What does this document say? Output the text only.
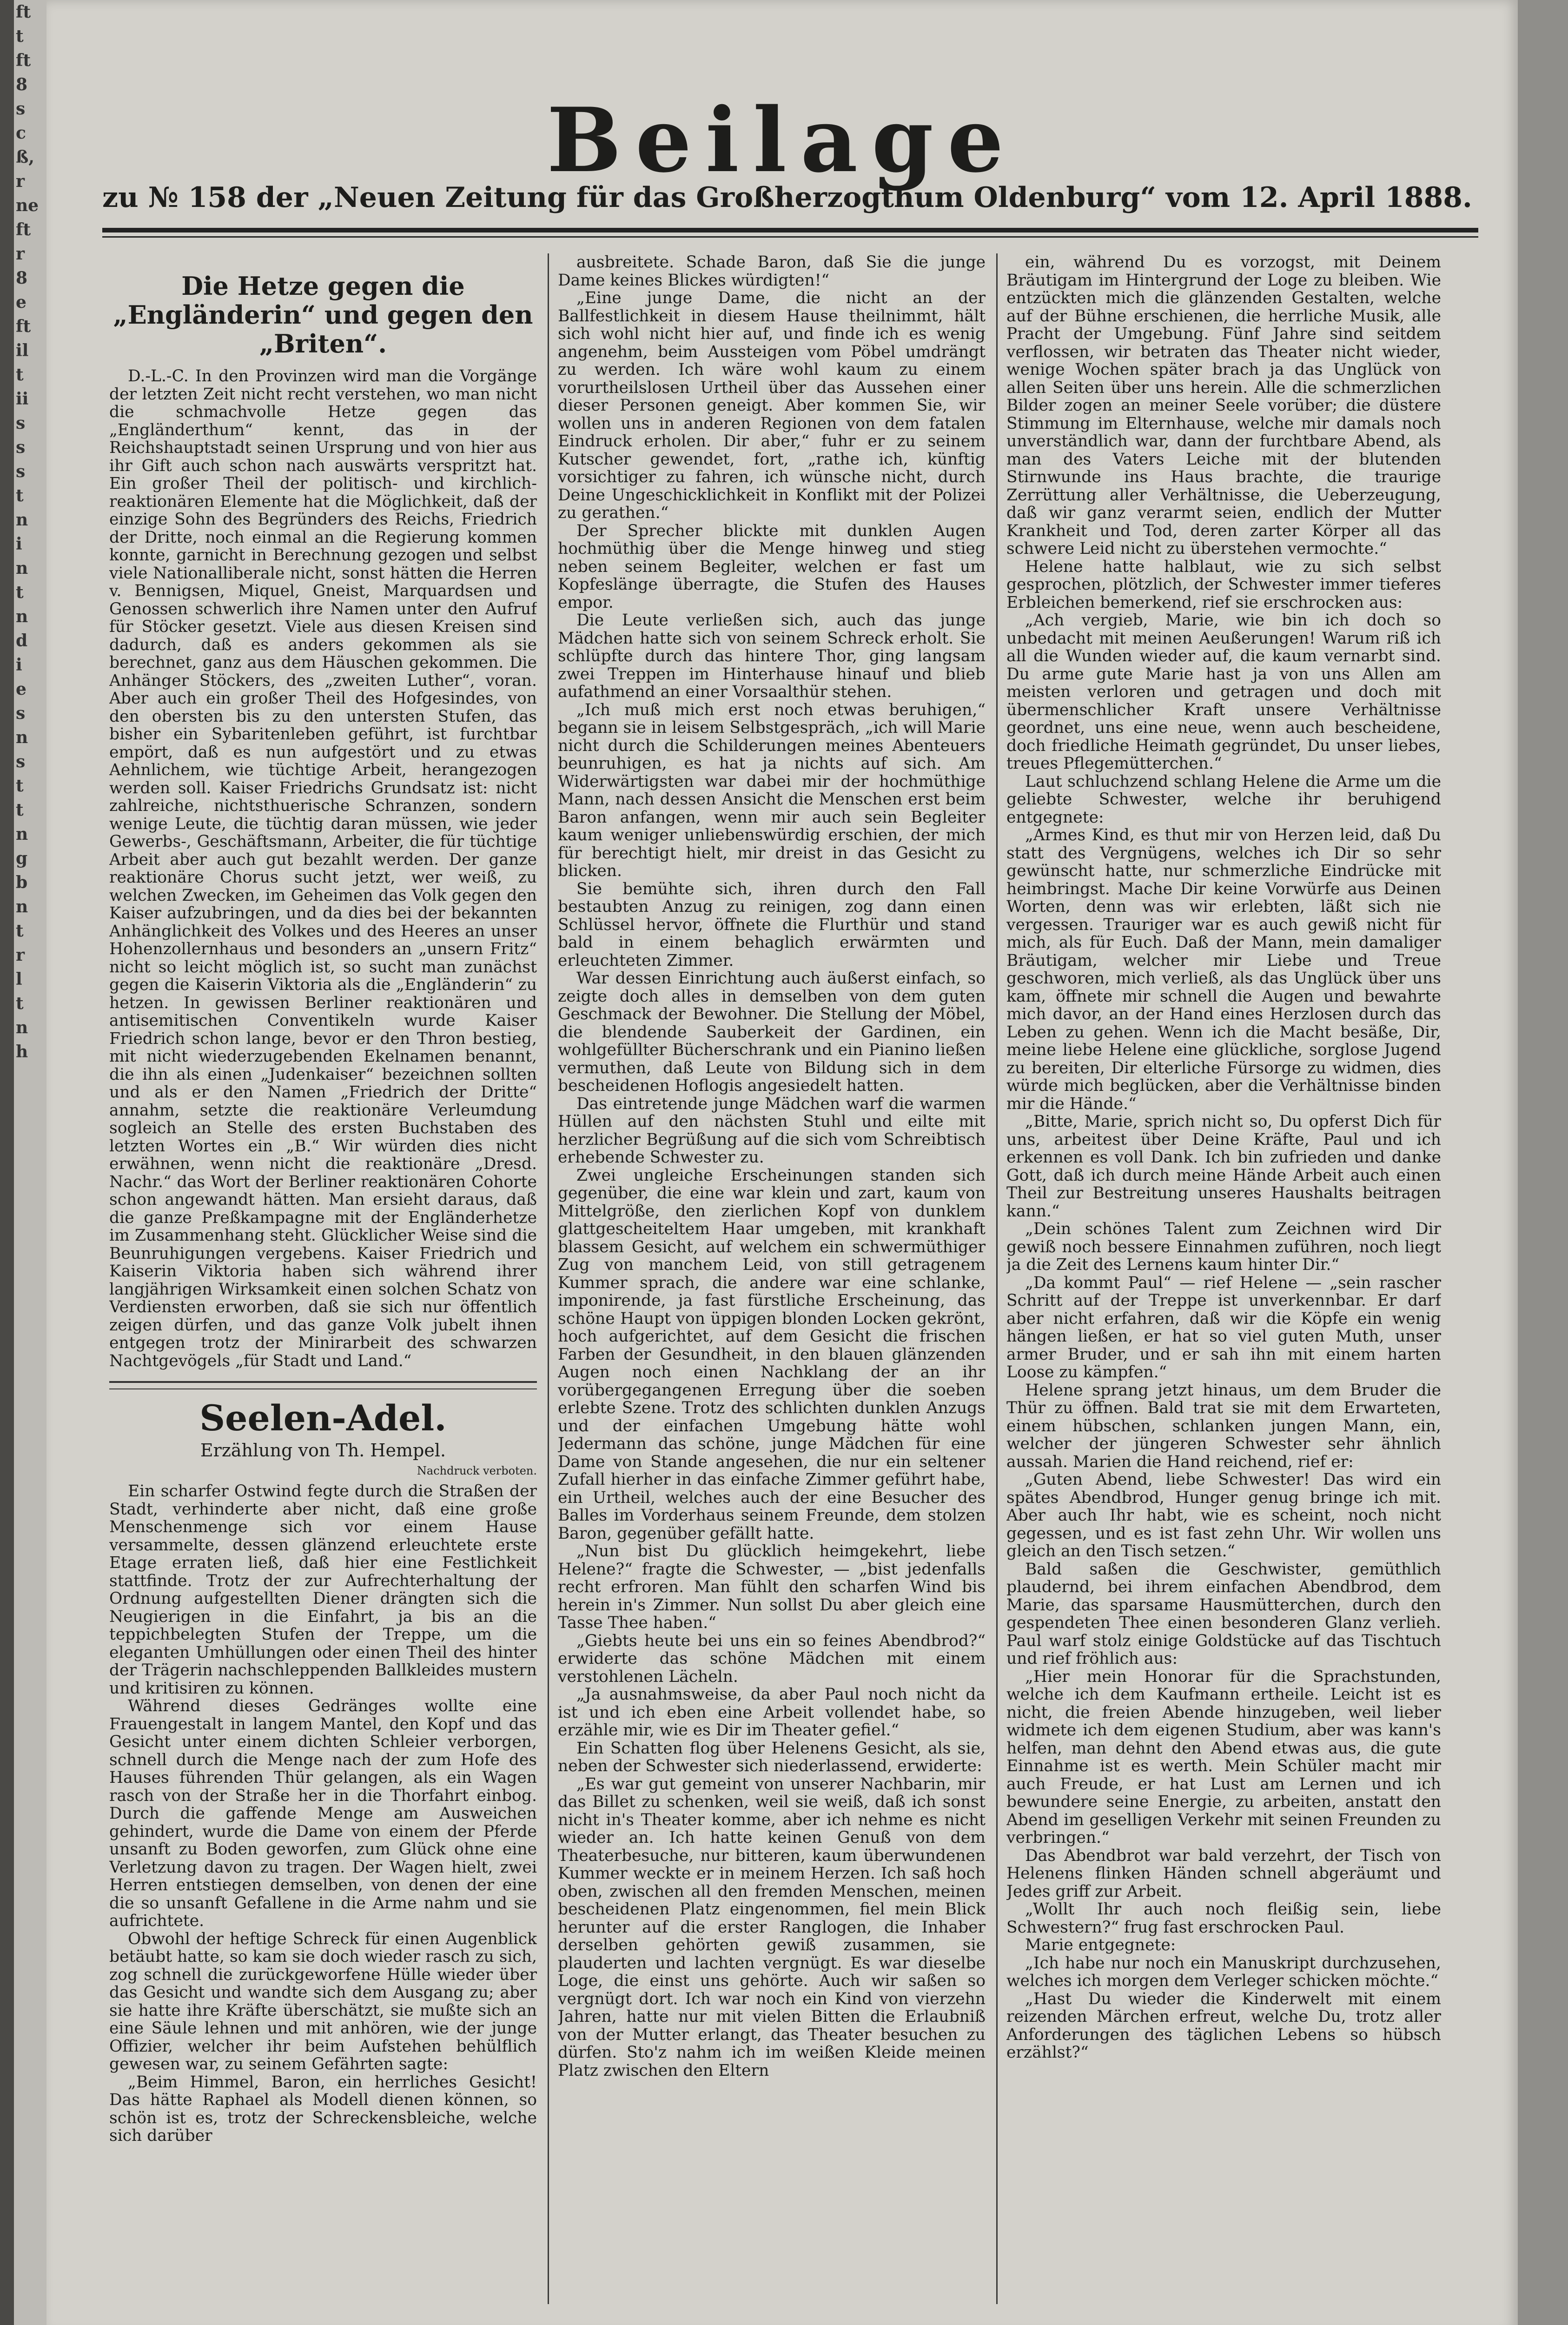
ft
t
ft
8
s
c
ß,
r
ne
ft
r
8
e
ft
il
t
ii
s
s
s
t
n
i
n
t
n
d
i
e
s
n
s
t
t
n
g
b
n
t
r
l
t
n
h
Beilage
zu № 158 der „Neuen Zeitung für das Großherzogthum Oldenburg“ vom 12. April 1888.
Die Hetze gegen die „Engländerin“ und gegen den „Briten“.

D.-L.-C. In den Provinzen wird man die Vorgänge der letzten Zeit nicht recht verstehen, wo man nicht die schmachvolle Hetze gegen das „Engländerthum“ kennt, das in der Reichshauptstadt seinen Ursprung und von hier aus ihr Gift auch schon nach auswärts verspritzt hat. Ein großer Theil der politisch- und kirchlich-reaktionären Elemente hat die Möglichkeit, daß der einzige Sohn des Begründers des Reichs, Friedrich der Dritte, noch einmal an die Regierung kommen konnte, garnicht in Berechnung gezogen und selbst viele Nationalliberale nicht, sonst hätten die Herren v. Bennigsen, Miquel, Gneist, Marquardsen und Genossen schwerlich ihre Namen unter den Aufruf für Stöcker gesetzt. Viele aus diesen Kreisen sind dadurch, daß es anders gekommen als sie berechnet, ganz aus dem Häuschen gekommen. Die Anhänger Stöckers, des „zweiten Luther“, voran. Aber auch ein großer Theil des Hofgesindes, von den obersten bis zu den untersten Stufen, das bisher ein Sybaritenleben geführt, ist furchtbar empört, daß es nun aufgestört und zu etwas Aehnlichem, wie tüchtige Arbeit, herangezogen werden soll. Kaiser Friedrichs Grundsatz ist: nicht zahlreiche, nichtsthuerische Schranzen, sondern wenige Leute, die tüchtig daran müssen, wie jeder Gewerbs-, Geschäftsmann, Arbeiter, die für tüchtige Arbeit aber auch gut bezahlt werden. Der ganze reaktionäre Chorus sucht jetzt, wer weiß, zu welchen Zwecken, im Geheimen das Volk gegen den Kaiser aufzubringen, und da dies bei der bekannten Anhänglichkeit des Volkes und des Heeres an unser Hohenzollernhaus und besonders an „unsern Fritz“ nicht so leicht möglich ist, so sucht man zunächst gegen die Kaiserin Viktoria als die „Engländerin“ zu hetzen. In gewissen Berliner reaktionären und antisemitischen Conventikeln wurde Kaiser Friedrich schon lange, bevor er den Thron bestieg, mit nicht wiederzugebenden Ekelnamen benannt, die ihn als einen „Judenkaiser“ bezeichnen sollten und als er den Namen „Friedrich der Dritte“ annahm, setzte die reaktionäre Verleumdung sogleich an Stelle des ersten Buchstaben des letzten Wortes ein „B.“ Wir würden dies nicht erwähnen, wenn nicht die reaktionäre „Dresd. Nachr.“ das Wort der Berliner reaktionären Cohorte schon angewandt hätten. Man ersieht daraus, daß die ganze Preßkampagne mit der Engländerhetze im Zusammenhang steht. Glücklicher Weise sind die Beunruhigungen vergebens. Kaiser Friedrich und Kaiserin Viktoria haben sich während ihrer langjährigen Wirksamkeit einen solchen Schatz von Verdiensten erworben, daß sie sich nur öffentlich zeigen dürfen, und das ganze Volk jubelt ihnen entgegen trotz der Minirarbeit des schwarzen Nachtgevögels „für Stadt und Land.“

Seelen-Adel.
Erzählung von Th. Hempel.
Nachdruck verboten.

Ein scharfer Ostwind fegte durch die Straßen der Stadt, verhinderte aber nicht, daß eine große Menschenmenge sich vor einem Hause versammelte, dessen glänzend erleuchtete erste Etage erraten ließ, daß hier eine Festlichkeit stattfinde. Trotz der zur Aufrechterhaltung der Ordnung aufgestellten Diener drängten sich die Neugierigen in die Einfahrt, ja bis an die teppichbelegten Stufen der Treppe, um die eleganten Umhüllungen oder einen Theil des hinter der Trägerin nachschleppenden Ballkleides mustern und kritisiren zu können.

Während dieses Gedränges wollte eine Frauengestalt in langem Mantel, den Kopf und das Gesicht unter einem dichten Schleier verborgen, schnell durch die Menge nach der zum Hofe des Hauses führenden Thür gelangen, als ein Wagen rasch von der Straße her in die Thorfahrt einbog. Durch die gaffende Menge am Ausweichen gehindert, wurde die Dame von einem der Pferde unsanft zu Boden geworfen, zum Glück ohne eine Verletzung davon zu tragen. Der Wagen hielt, zwei Herren entstiegen demselben, von denen der eine die so unsanft Gefallene in die Arme nahm und sie aufrichtete.

Obwohl der heftige Schreck für einen Augenblick betäubt hatte, so kam sie doch wieder rasch zu sich, zog schnell die zurückgeworfene Hülle wieder über das Gesicht und wandte sich dem Ausgang zu; aber sie hatte ihre Kräfte überschätzt, sie mußte sich an eine Säule lehnen und mit anhören, wie der junge Offizier, welcher ihr beim Aufstehen behülflich gewesen war, zu seinem Gefährten sagte:

„Beim Himmel, Baron, ein herrliches Gesicht! Das hätte Raphael als Modell dienen können, so schön ist es, trotz der Schreckensbleiche, welche sich darüber

ausbreitete. Schade Baron, daß Sie die junge Dame keines Blickes würdigten!“

„Eine junge Dame, die nicht an der Ballfestlichkeit in diesem Hause theilnimmt, hält sich wohl nicht hier auf, und finde ich es wenig angenehm, beim Aussteigen vom Pöbel umdrängt zu werden. Ich wäre wohl kaum zu einem vorurtheilslosen Urtheil über das Aussehen einer dieser Personen geneigt. Aber kommen Sie, wir wollen uns in anderen Regionen von dem fatalen Eindruck erholen. Dir aber,“ fuhr er zu seinem Kutscher gewendet, fort, „rathe ich, künftig vorsichtiger zu fahren, ich wünsche nicht, durch Deine Ungeschicklichkeit in Konflikt mit der Polizei zu gerathen.“

Der Sprecher blickte mit dunklen Augen hochmüthig über die Menge hinweg und stieg neben seinem Begleiter, welchen er fast um Kopfeslänge überragte, die Stufen des Hauses empor.

Die Leute verließen sich, auch das junge Mädchen hatte sich von seinem Schreck erholt. Sie schlüpfte durch das hintere Thor, ging langsam zwei Treppen im Hinterhause hinauf und blieb aufathmend an einer Vorsaalthür stehen.

„Ich muß mich erst noch etwas beruhigen,“ begann sie in leisem Selbstgespräch, „ich will Marie nicht durch die Schilderungen meines Abenteuers beunruhigen, es hat ja nichts auf sich. Am Widerwärtigsten war dabei mir der hochmüthige Mann, nach dessen Ansicht die Menschen erst beim Baron anfangen, wenn mir auch sein Begleiter kaum weniger unliebenswürdig erschien, der mich für berechtigt hielt, mir dreist in das Gesicht zu blicken.

Sie bemühte sich, ihren durch den Fall bestaubten Anzug zu reinigen, zog dann einen Schlüssel hervor, öffnete die Flurthür und stand bald in einem behaglich erwärmten und erleuchteten Zimmer.

War dessen Einrichtung auch äußerst einfach, so zeigte doch alles in demselben von dem guten Geschmack der Bewohner. Die Stellung der Möbel, die blendende Sauberkeit der Gardinen, ein wohlgefüllter Bücherschrank und ein Pianino ließen vermuthen, daß Leute von Bildung sich in dem bescheidenen Hoflogis angesiedelt hatten.

Das eintretende junge Mädchen warf die warmen Hüllen auf den nächsten Stuhl und eilte mit herzlicher Begrüßung auf die sich vom Schreibtisch erhebende Schwester zu.

Zwei ungleiche Erscheinungen standen sich gegenüber, die eine war klein und zart, kaum von Mittelgröße, den zierlichen Kopf von dunklem glattgescheiteltem Haar umgeben, mit krankhaft blassem Gesicht, auf welchem ein schwermüthiger Zug von manchem Leid, von still getragenem Kummer sprach, die andere war eine schlanke, imponirende, ja fast fürstliche Erscheinung, das schöne Haupt von üppigen blonden Locken gekrönt, hoch aufgerichtet, auf dem Gesicht die frischen Farben der Gesundheit, in den blauen glänzenden Augen noch einen Nachklang der an ihr vorübergegangenen Erregung über die soeben erlebte Szene. Trotz des schlichten dunklen Anzugs und der einfachen Umgebung hätte wohl Jedermann das schöne, junge Mädchen für eine Dame von Stande angesehen, die nur ein seltener Zufall hierher in das einfache Zimmer geführt habe, ein Urtheil, welches auch der eine Besucher des Balles im Vorderhaus seinem Freunde, dem stolzen Baron, gegenüber gefällt hatte.

„Nun bist Du glücklich heimgekehrt, liebe Helene?“ fragte die Schwester, — „bist jedenfalls recht erfroren. Man fühlt den scharfen Wind bis herein in's Zimmer. Nun sollst Du aber gleich eine Tasse Thee haben.“

„Giebts heute bei uns ein so feines Abendbrod?“ erwiderte das schöne Mädchen mit einem verstohlenen Lächeln.

„Ja ausnahmsweise, da aber Paul noch nicht da ist und ich eben eine Arbeit vollendet habe, so erzähle mir, wie es Dir im Theater gefiel.“

Ein Schatten flog über Helenens Gesicht, als sie, neben der Schwester sich niederlassend, erwiderte:

„Es war gut gemeint von unserer Nachbarin, mir das Billet zu schenken, weil sie weiß, daß ich sonst nicht in's Theater komme, aber ich nehme es nicht wieder an. Ich hatte keinen Genuß von dem Theaterbesuche, nur bitteren, kaum überwundenen Kummer weckte er in meinem Herzen. Ich saß hoch oben, zwischen all den fremden Menschen, meinen bescheidenen Platz eingenommen, fiel mein Blick herunter auf die erster Ranglogen, die Inhaber derselben gehörten gewiß zusammen, sie plauderten und lachten vergnügt. Es war dieselbe Loge, die einst uns gehörte. Auch wir saßen so vergnügt dort. Ich war noch ein Kind von vierzehn Jahren, hatte nur mit vielen Bitten die Erlaubniß von der Mutter erlangt, das Theater besuchen zu dürfen. Sto'z nahm ich im weißen Kleide meinen Platz zwischen den Eltern

ein, während Du es vorzogst, mit Deinem Bräutigam im Hintergrund der Loge zu bleiben. Wie entzückten mich die glänzenden Gestalten, welche auf der Bühne erschienen, die herrliche Musik, alle Pracht der Umgebung. Fünf Jahre sind seitdem verflossen, wir betraten das Theater nicht wieder, wenige Wochen später brach ja das Unglück von allen Seiten über uns herein. Alle die schmerzlichen Bilder zogen an meiner Seele vorüber; die düstere Stimmung im Elternhause, welche mir damals noch unverständlich war, dann der furchtbare Abend, als man des Vaters Leiche mit der blutenden Stirnwunde ins Haus brachte, die traurige Zerrüttung aller Verhältnisse, die Ueberzeugung, daß wir ganz verarmt seien, endlich der Mutter Krankheit und Tod, deren zarter Körper all das schwere Leid nicht zu überstehen vermochte.“

Helene hatte halblaut, wie zu sich selbst gesprochen, plötzlich, der Schwester immer tieferes Erbleichen bemerkend, rief sie erschrocken aus:

„Ach vergieb, Marie, wie bin ich doch so unbedacht mit meinen Aeußerungen! Warum riß ich all die Wunden wieder auf, die kaum vernarbt sind. Du arme gute Marie hast ja von uns Allen am meisten verloren und getragen und doch mit übermenschlicher Kraft unsere Verhältnisse geordnet, uns eine neue, wenn auch bescheidene, doch friedliche Heimath gegründet, Du unser liebes, treues Pflegemütterchen.“

Laut schluchzend schlang Helene die Arme um die geliebte Schwester, welche ihr beruhigend entgegnete:

„Armes Kind, es thut mir von Herzen leid, daß Du statt des Vergnügens, welches ich Dir so sehr gewünscht hatte, nur schmerzliche Eindrücke mit heimbringst. Mache Dir keine Vorwürfe aus Deinen Worten, denn was wir erlebten, läßt sich nie vergessen. Trauriger war es auch gewiß nicht für mich, als für Euch. Daß der Mann, mein damaliger Bräutigam, welcher mir Liebe und Treue geschworen, mich verließ, als das Unglück über uns kam, öffnete mir schnell die Augen und bewahrte mich davor, an der Hand eines Herzlosen durch das Leben zu gehen. Wenn ich die Macht besäße, Dir, meine liebe Helene eine glückliche, sorglose Jugend zu bereiten, Dir elterliche Fürsorge zu widmen, dies würde mich beglücken, aber die Verhältnisse binden mir die Hände.“

„Bitte, Marie, sprich nicht so, Du opferst Dich für uns, arbeitest über Deine Kräfte, Paul und ich erkennen es voll Dank. Ich bin zufrieden und danke Gott, daß ich durch meine Hände Arbeit auch einen Theil zur Bestreitung unseres Haushalts beitragen kann.“

„Dein schönes Talent zum Zeichnen wird Dir gewiß noch bessere Einnahmen zuführen, noch liegt ja die Zeit des Lernens kaum hinter Dir.“

„Da kommt Paul“ — rief Helene — „sein rascher Schritt auf der Treppe ist unverkennbar. Er darf aber nicht erfahren, daß wir die Köpfe ein wenig hängen ließen, er hat so viel guten Muth, unser armer Bruder, und er sah ihn mit einem harten Loose zu kämpfen.“

Helene sprang jetzt hinaus, um dem Bruder die Thür zu öffnen. Bald trat sie mit dem Erwarteten, einem hübschen, schlanken jungen Mann, ein, welcher der jüngeren Schwester sehr ähnlich aussah. Marien die Hand reichend, rief er:

„Guten Abend, liebe Schwester! Das wird ein spätes Abendbrod, Hunger genug bringe ich mit. Aber auch Ihr habt, wie es scheint, noch nicht gegessen, und es ist fast zehn Uhr. Wir wollen uns gleich an den Tisch setzen.“

Bald saßen die Geschwister, gemüthlich plaudernd, bei ihrem einfachen Abendbrod, dem Marie, das sparsame Hausmütterchen, durch den gespendeten Thee einen besonderen Glanz verlieh. Paul warf stolz einige Goldstücke auf das Tischtuch und rief fröhlich aus:

„Hier mein Honorar für die Sprachstunden, welche ich dem Kaufmann ertheile. Leicht ist es nicht, die freien Abende hinzugeben, weil lieber widmete ich dem eigenen Studium, aber was kann's helfen, man dehnt den Abend etwas aus, die gute Einnahme ist es werth. Mein Schüler macht mir auch Freude, er hat Lust am Lernen und ich bewundere seine Energie, zu arbeiten, anstatt den Abend im geselligen Verkehr mit seinen Freunden zu verbringen.“

Das Abendbrot war bald verzehrt, der Tisch von Helenens flinken Händen schnell abgeräumt und Jedes griff zur Arbeit.

„Wollt Ihr auch noch fleißig sein, liebe Schwestern?“ frug fast erschrocken Paul.

Marie entgegnete:

„Ich habe nur noch ein Manuskript durchzusehen, welches ich morgen dem Verleger schicken möchte.“

„Hast Du wieder die Kinderwelt mit einem reizenden Märchen erfreut, welche Du, trotz aller Anforderungen des täglichen Lebens so hübsch erzählst?“
